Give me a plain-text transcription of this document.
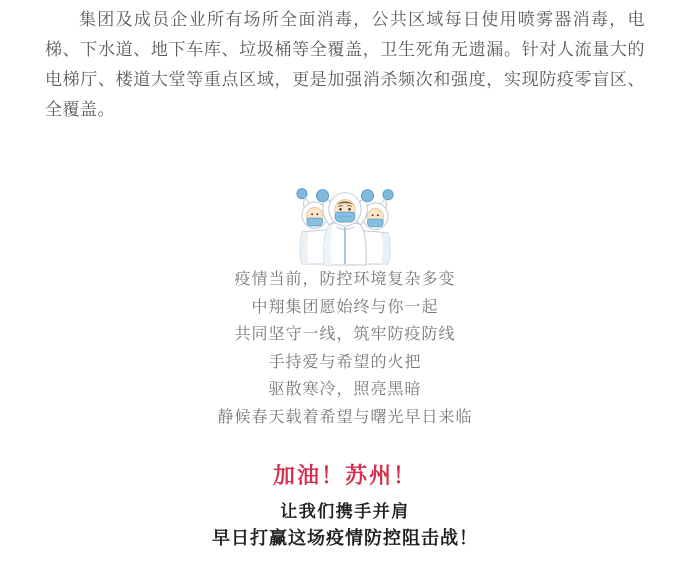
集团及成员企业所有场所全面消毒，公共区域每日使用喷雾器消毒，电梯、下水道、地下车库、垃圾桶等全覆盖，卫生死角无遗漏。针对人流量大的电梯厅、楼道大堂等重点区域，更是加强消杀频次和强度，实现防疫零盲区、全覆盖。

疫情当前，防控环境复杂多变
中翔集团愿始终与你一起
共同坚守一线，筑牢防疫防线
手持爱与希望的火把
驱散寒冷，照亮黑暗
静候春天载着希望与曙光早日来临
加油！苏州！
让我们携手并肩
早日打赢这场疫情防控阻击战！
